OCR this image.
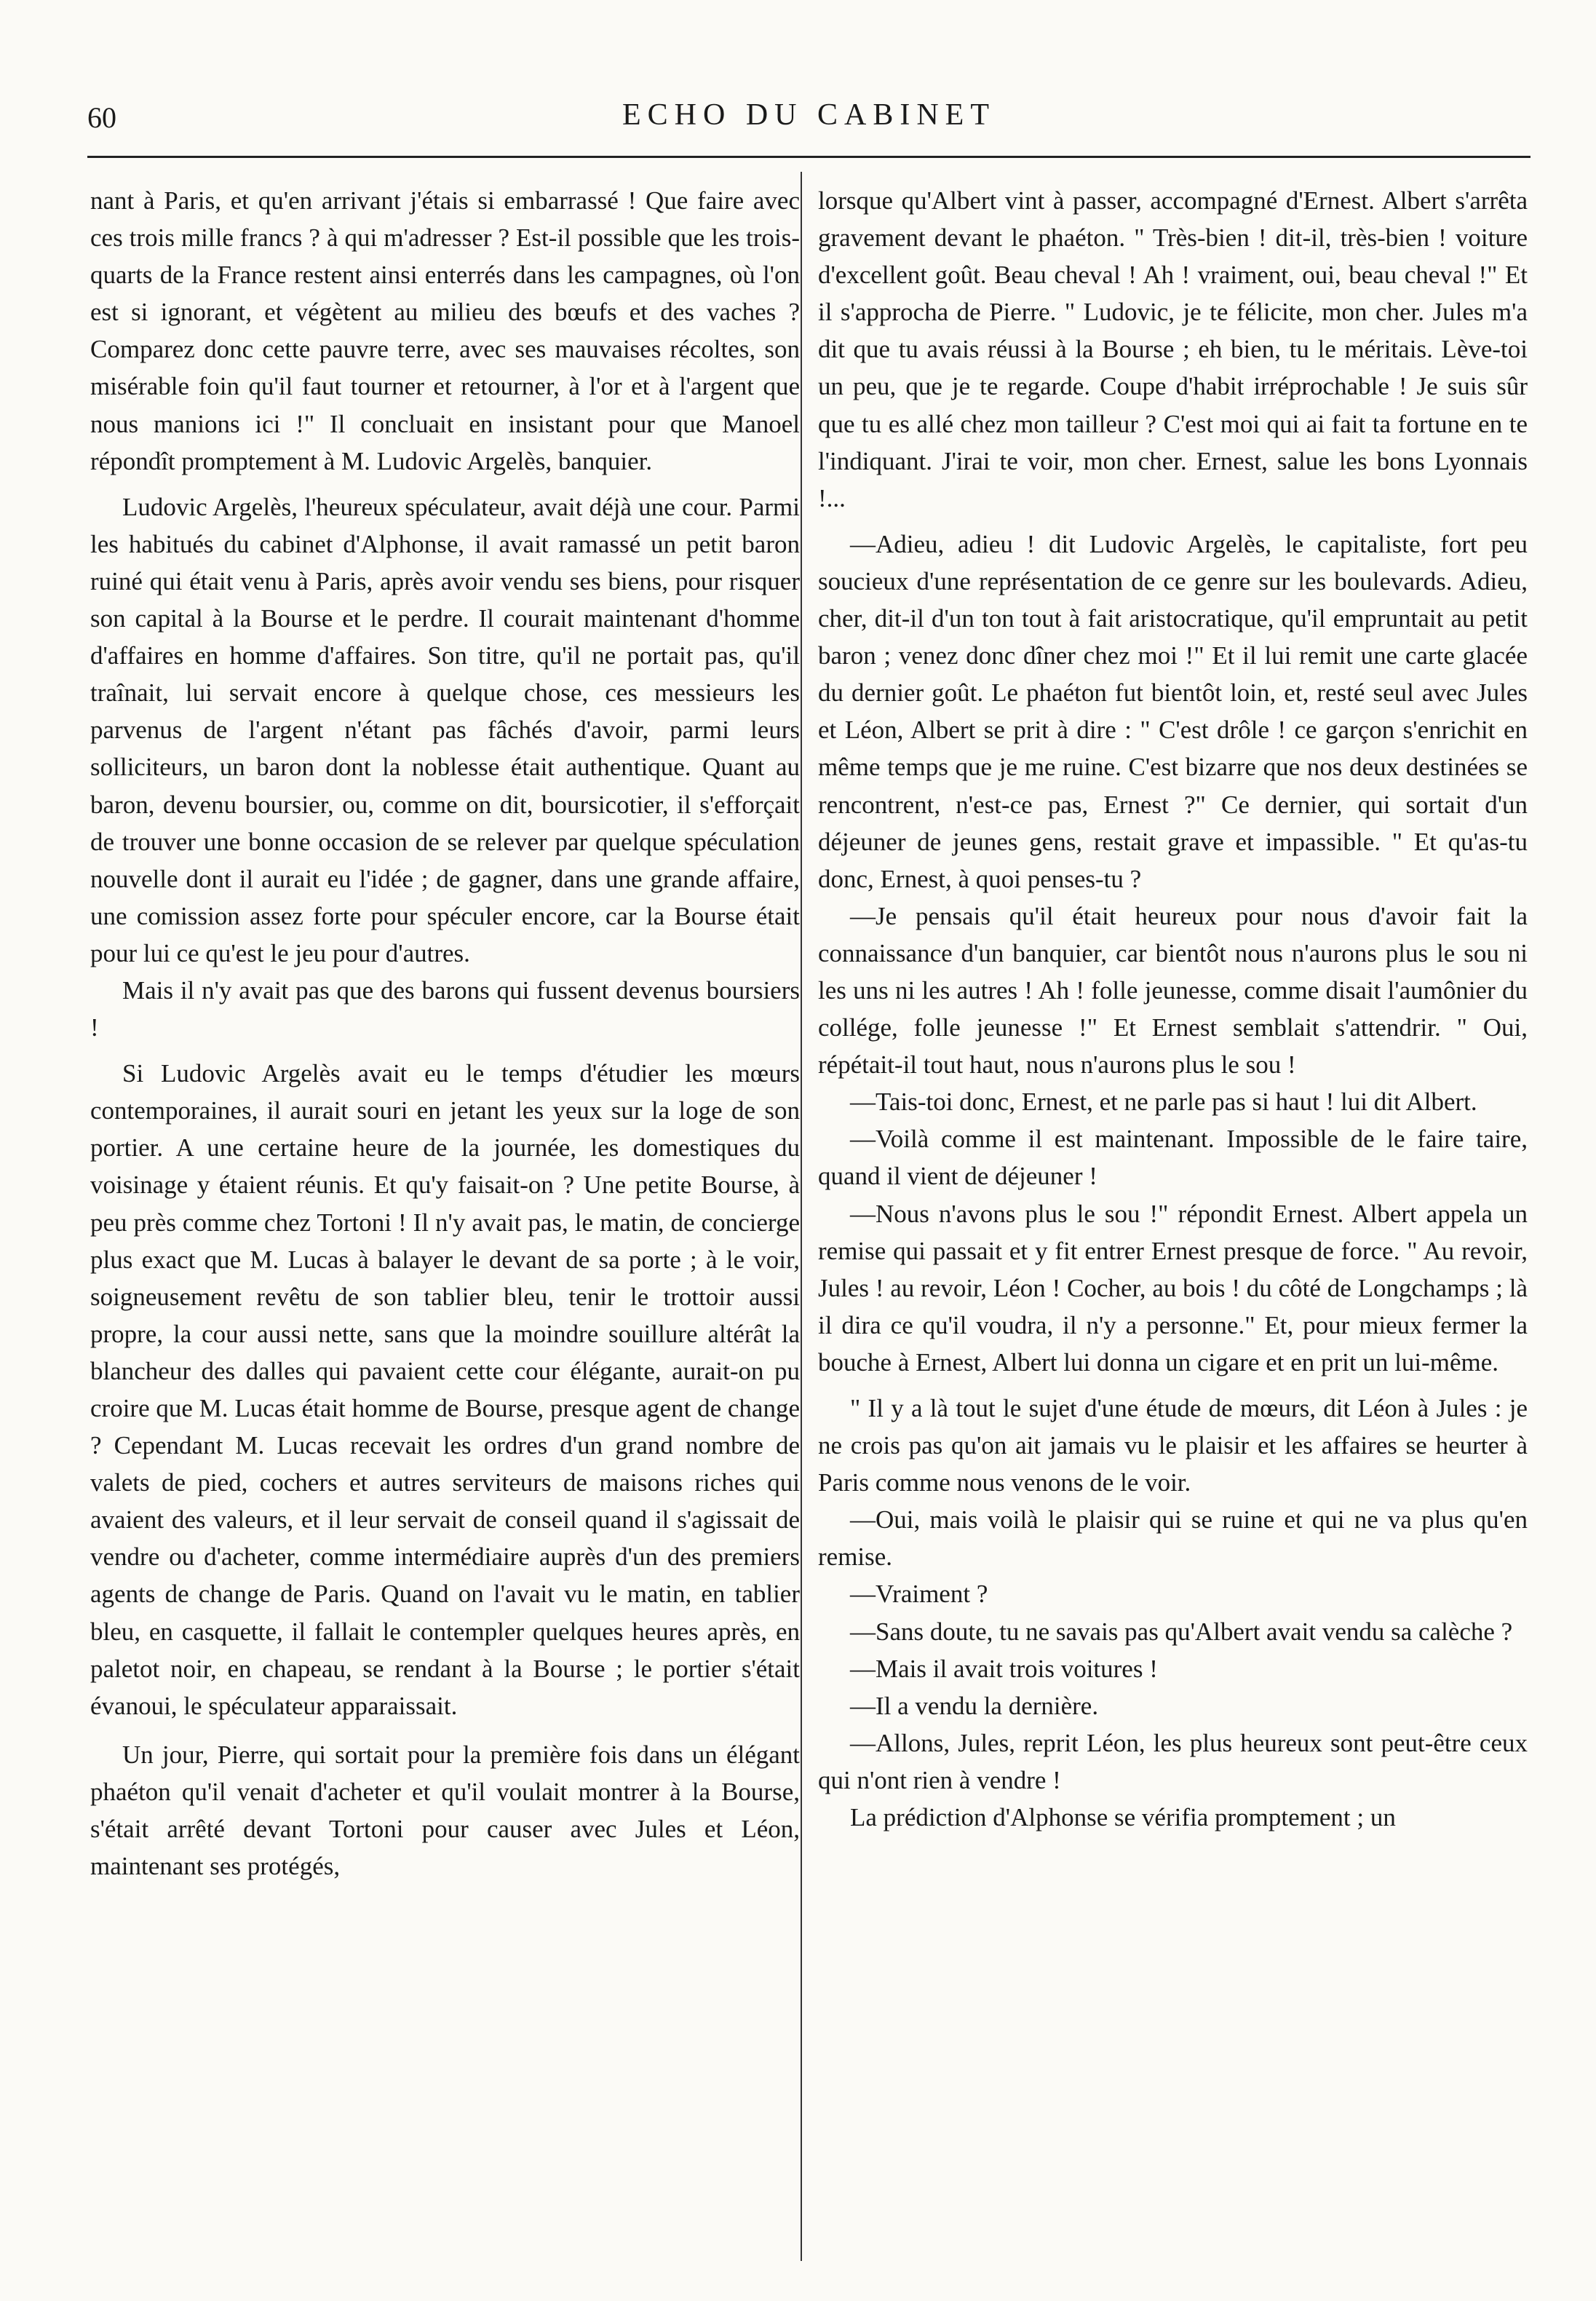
60	ECHO DU CABINET

nant à Paris, et qu'en arrivant j'étais si embarrassé ! Que faire avec ces trois mille francs ? à qui m'adresser ? Est-il possible que les trois-quarts de la France restent ainsi enterrés dans les campagnes, où l'on est si ignorant, et végètent au milieu des bœufs et des vaches ? Comparez donc cette pauvre terre, avec ses mauvaises récoltes, son misérable foin qu'il faut tourner et retourner, à l'or et à l'argent que nous manions ici !" Il concluait en insistant pour que Manoel répondît promptement à M. Ludovic Argelès, banquier.

Ludovic Argelès, l'heureux spéculateur, avait déjà une cour. Parmi les habitués du cabinet d'Alphonse, il avait ramassé un petit baron ruiné qui était venu à Paris, après avoir vendu ses biens, pour risquer son capital à la Bourse et le perdre. Il courait maintenant d'homme d'affaires en homme d'affaires. Son titre, qu'il ne portait pas, qu'il traînait, lui servait encore à quelque chose, ces messieurs les parvenus de l'argent n'étant pas fâchés d'avoir, parmi leurs solliciteurs, un baron dont la noblesse était authentique. Quant au baron, devenu boursier, ou, comme on dit, boursicotier, il s'efforçait de trouver une bonne occasion de se relever par quelque spéculation nouvelle dont il aurait eu l'idée ; de gagner, dans une grande affaire, une comission assez forte pour spéculer encore, car la Bourse était pour lui ce qu'est le jeu pour d'autres.

Mais il n'y avait pas que des barons qui fussent devenus boursiers !

Si Ludovic Argelès avait eu le temps d'étudier les mœurs contemporaines, il aurait souri en jetant les yeux sur la loge de son portier. A une certaine heure de la journée, les domestiques du voisinage y étaient réunis. Et qu'y faisait-on ? Une petite Bourse, à peu près comme chez Tortoni ! Il n'y avait pas, le matin, de concierge plus exact que M. Lucas à balayer le devant de sa porte ; à le voir, soigneusement revêtu de son tablier bleu, tenir le trottoir aussi propre, la cour aussi nette, sans que la moindre souillure altérât la blancheur des dalles qui pavaient cette cour élégante, aurait-on pu croire que M. Lucas était homme de Bourse, presque agent de change ? Cependant M. Lucas recevait les ordres d'un grand nombre de valets de pied, cochers et autres serviteurs de maisons riches qui avaient des valeurs, et il leur servait de conseil quand il s'agissait de vendre ou d'acheter, comme intermédiaire auprès d'un des premiers agents de change de Paris. Quand on l'avait vu le matin, en tablier bleu, en casquette, il fallait le contempler quelques heures après, en paletot noir, en chapeau, se rendant à la Bourse ; le portier s'était évanoui, le spéculateur apparaissait.

Un jour, Pierre, qui sortait pour la première fois dans un élégant phaéton qu'il venait d'acheter et qu'il voulait montrer à la Bourse, s'était arrêté devant Tortoni pour causer avec Jules et Léon, maintenant ses protégés,

lorsque qu'Albert vint à passer, accompagné d'Ernest. Albert s'arrêta gravement devant le phaéton. " Très-bien ! dit-il, très-bien ! voiture d'excellent goût. Beau cheval ! Ah ! vraiment, oui, beau cheval !" Et il s'approcha de Pierre. " Ludovic, je te félicite, mon cher. Jules m'a dit que tu avais réussi à la Bourse ; eh bien, tu le méritais. Lève-toi un peu, que je te regarde. Coupe d'habit irréprochable ! Je suis sûr que tu es allé chez mon tailleur ? C'est moi qui ai fait ta fortune en te l'indiquant. J'irai te voir, mon cher. Ernest, salue les bons Lyonnais !...

—Adieu, adieu ! dit Ludovic Argelès, le capitaliste, fort peu soucieux d'une représentation de ce genre sur les boulevards. Adieu, cher, dit-il d'un ton tout à fait aristocratique, qu'il empruntait au petit baron ; venez donc dîner chez moi !" Et il lui remit une carte glacée du dernier goût. Le phaéton fut bientôt loin, et, resté seul avec Jules et Léon, Albert se prit à dire : " C'est drôle ! ce garçon s'enrichit en même temps que je me ruine. C'est bizarre que nos deux destinées se rencontrent, n'est-ce pas, Ernest ?" Ce dernier, qui sortait d'un déjeuner de jeunes gens, restait grave et impassible. " Et qu'as-tu donc, Ernest, à quoi penses-tu ?

—Je pensais qu'il était heureux pour nous d'avoir fait la connaissance d'un banquier, car bientôt nous n'aurons plus le sou ni les uns ni les autres ! Ah ! folle jeunesse, comme disait l'aumônier du collége, folle jeunesse !" Et Ernest semblait s'attendrir. " Oui, répétait-il tout haut, nous n'aurons plus le sou !

—Tais-toi donc, Ernest, et ne parle pas si haut ! lui dit Albert.

—Voilà comme il est maintenant. Impossible de le faire taire, quand il vient de déjeuner !

—Nous n'avons plus le sou !" répondit Ernest. Albert appela un remise qui passait et y fit entrer Ernest presque de force. " Au revoir, Jules ! au revoir, Léon ! Cocher, au bois ! du côté de Longchamps ; là il dira ce qu'il voudra, il n'y a personne." Et, pour mieux fermer la bouche à Ernest, Albert lui donna un cigare et en prit un lui-même.

" Il y a là tout le sujet d'une étude de mœurs, dit Léon à Jules : je ne crois pas qu'on ait jamais vu le plaisir et les affaires se heurter à Paris comme nous venons de le voir.

—Oui, mais voilà le plaisir qui se ruine et qui ne va plus qu'en remise.

—Vraiment ?

—Sans doute, tu ne savais pas qu'Albert avait vendu sa calèche ?

—Mais il avait trois voitures !

—Il a vendu la dernière.

—Allons, Jules, reprit Léon, les plus heureux sont peut-être ceux qui n'ont rien à vendre !

La prédiction d'Alphonse se vérifia promptement ; un
